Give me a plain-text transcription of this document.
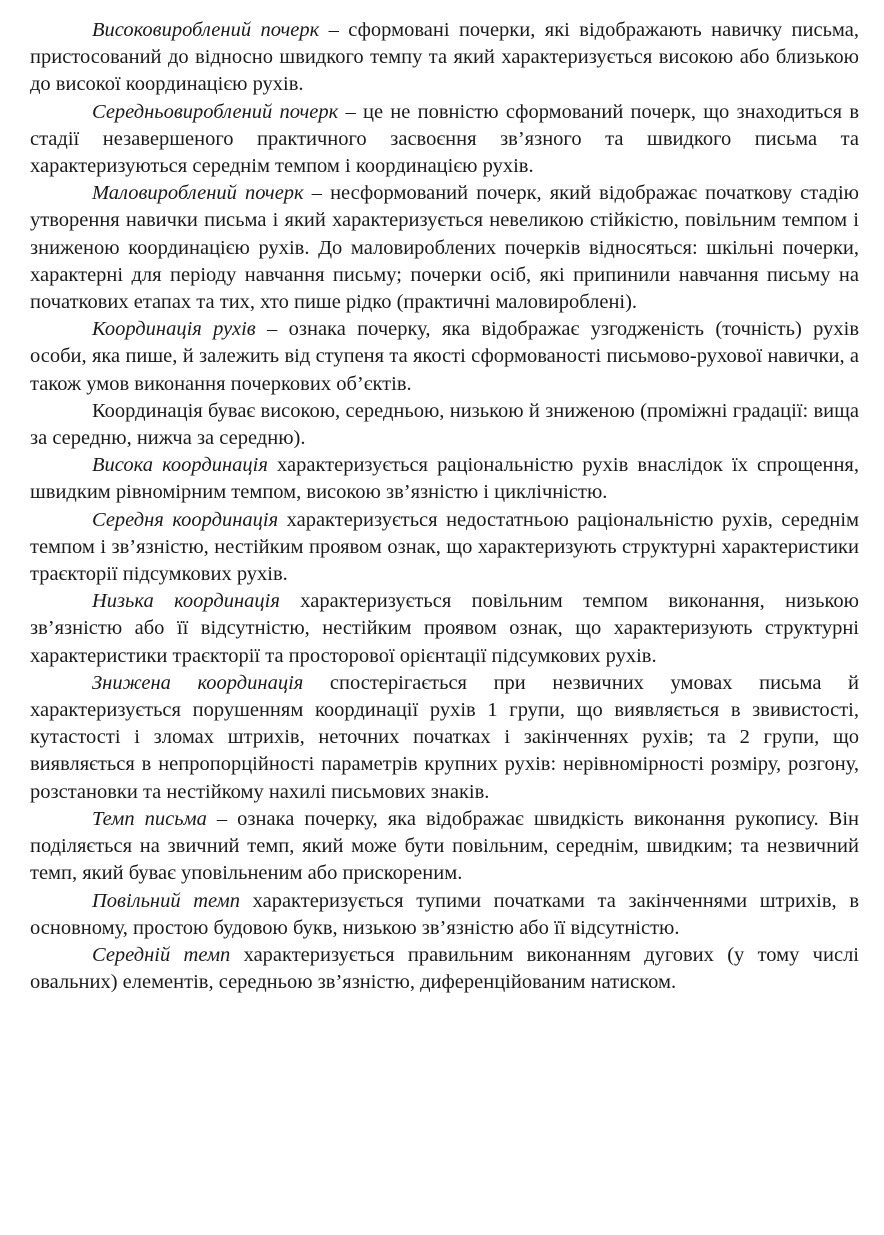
Високовироблений почерк – сформовані почерки, які відображають навичку письма, пристосований до відносно швидкого темпу та який характеризується високою або близькою до високої координацією рухів.

Середньовироблений почерк – це не повністю сформований почерк, що знаходиться в стадії незавершеного практичного засвоєння зв’язного та швидкого письма та характеризуються середнім темпом і координацією рухів.

Маловироблений почерк – несформований почерк, який відображає початкову стадію утворення навички письма і який характеризується невеликою стійкістю, повільним темпом і зниженою координацією рухів. До маловироблених почерків відносяться: шкільні почерки, характерні для періоду навчання письму; почерки осіб, які припинили навчання письму на початкових етапах та тих, хто пише рідко (практичні маловироблені).

Координація рухів – ознака почерку, яка відображає узгодженість (точність) рухів особи, яка пише, й залежить від ступеня та якості сформованості письмово-рухової навички, а також умов виконання почеркових об’єктів.

Координація буває високою, середньою, низькою й зниженою (проміжні градації: вища за середню, нижча за середню).

Висока координація характеризується раціональністю рухів внаслідок їх спрощення, швидким рівномірним темпом, високою зв’язністю і циклічністю.

Середня координація характеризується недостатньою раціональністю рухів, середнім темпом і зв’язністю, нестійким проявом ознак, що характеризують структурні характеристики траєкторії підсумкових рухів.

Низька координація характеризується повільним темпом виконання, низькою зв’язністю або її відсутністю, нестійким проявом ознак, що характеризують структурні характеристики траєкторії та просторової орієнтації підсумкових рухів.

Знижена координація спостерігається при незвичних умовах письма й характеризується порушенням координації рухів 1 групи, що виявляється в звивистості, кутастості і зломах штрихів, неточних початках і закінченнях рухів; та 2 групи, що виявляється в непропорційності параметрів крупних рухів: нерівномірності розміру, розгону, розстановки та нестійкому нахилі письмових знаків.

Темп письма – ознака почерку, яка відображає швидкість виконання рукопису. Він поділяється на звичний темп, який може бути повільним, середнім, швидким; та незвичний темп, який буває уповільненим або прискореним.

Повільний темп характеризується тупими початками та закінченнями штрихів, в основному, простою будовою букв, низькою зв’язністю або її відсутністю.

Середній темп характеризується правильним виконанням дугових (у тому числі овальних) елементів, середньою зв’язністю, диференційованим натиском.
